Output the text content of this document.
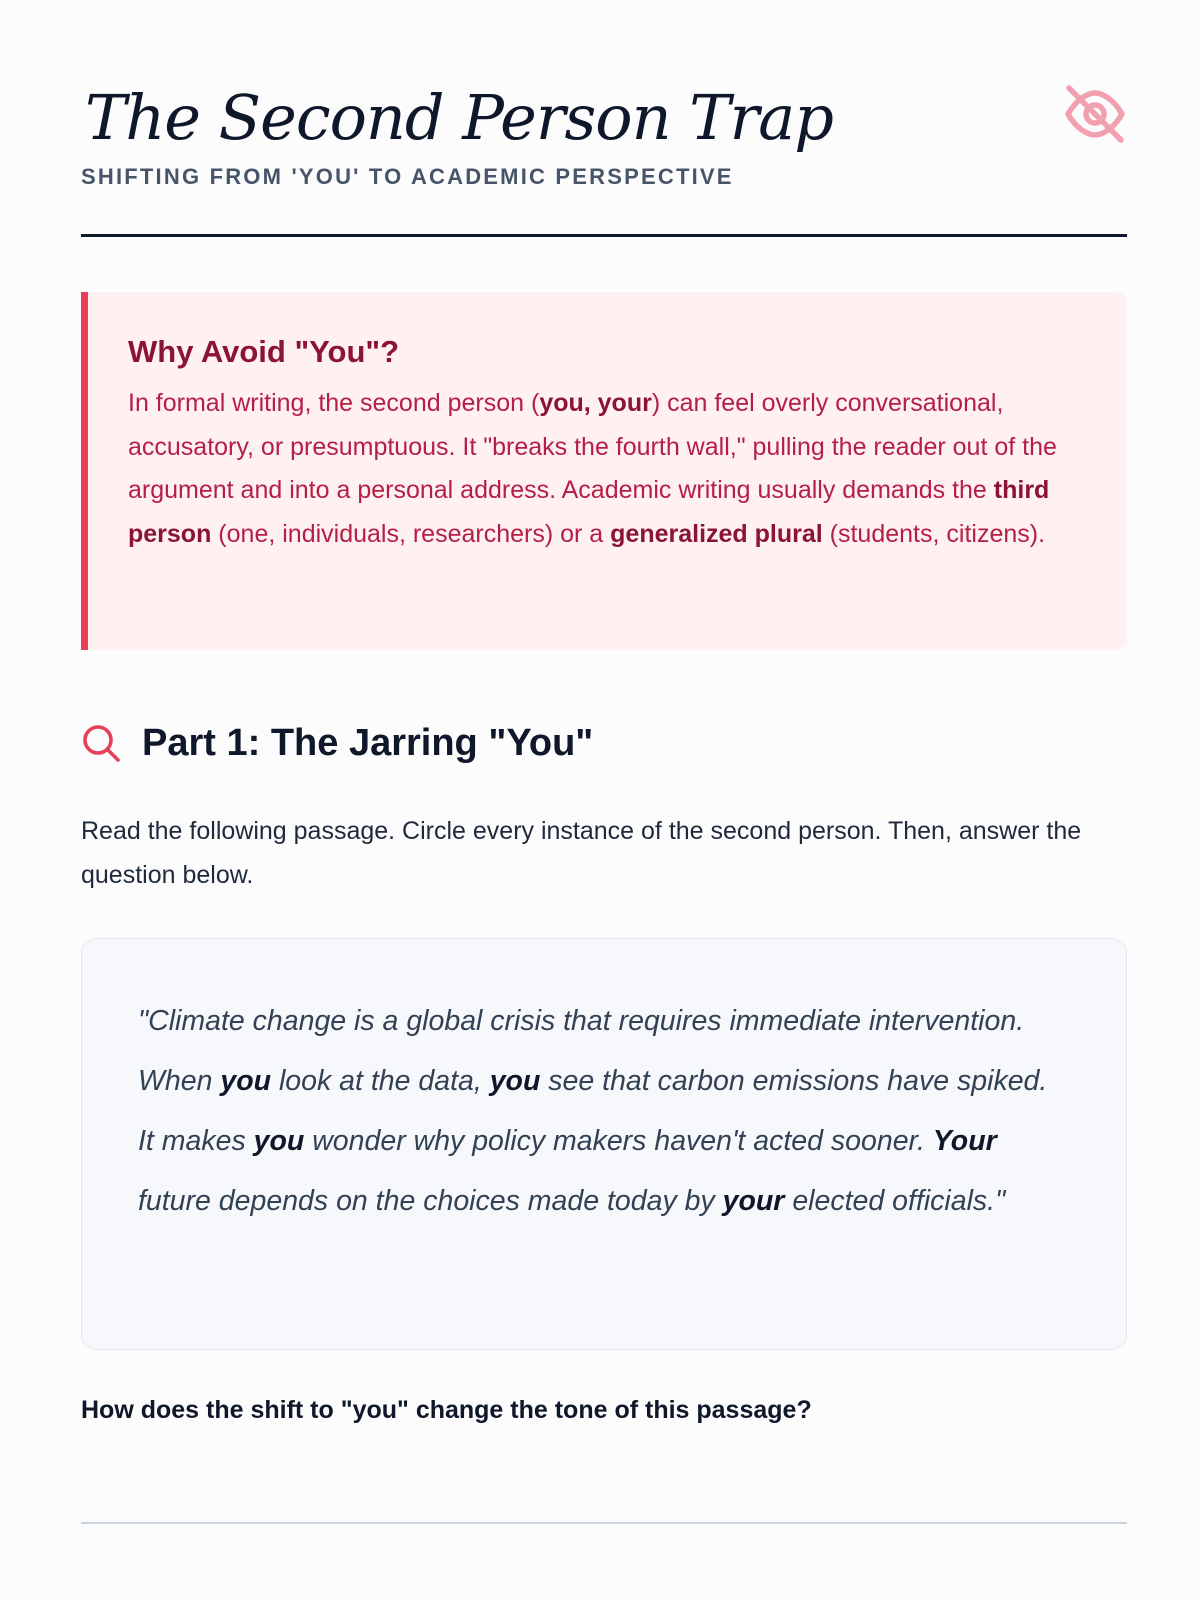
The Second Person Trap

SHIFTING FROM 'YOU' TO ACADEMIC PERSPECTIVE

Why Avoid "You"?

In formal writing, the second person (you, your) can feel overly conversational, accusatory, or presumptuous. It "breaks the fourth wall," pulling the reader out of the argument and into a personal address. Academic writing usually demands the third person (one, individuals, researchers) or a generalized plural (students, citizens).

Part 1: The Jarring "You"

Read the following passage. Circle every instance of the second person. Then, answer the question below.

"Climate change is a global crisis that requires immediate intervention. When you look at the data, you see that carbon emissions have spiked. It makes you wonder why policy makers haven't acted sooner. Your future depends on the choices made today by your elected officials."

How does the shift to "you" change the tone of this passage?
